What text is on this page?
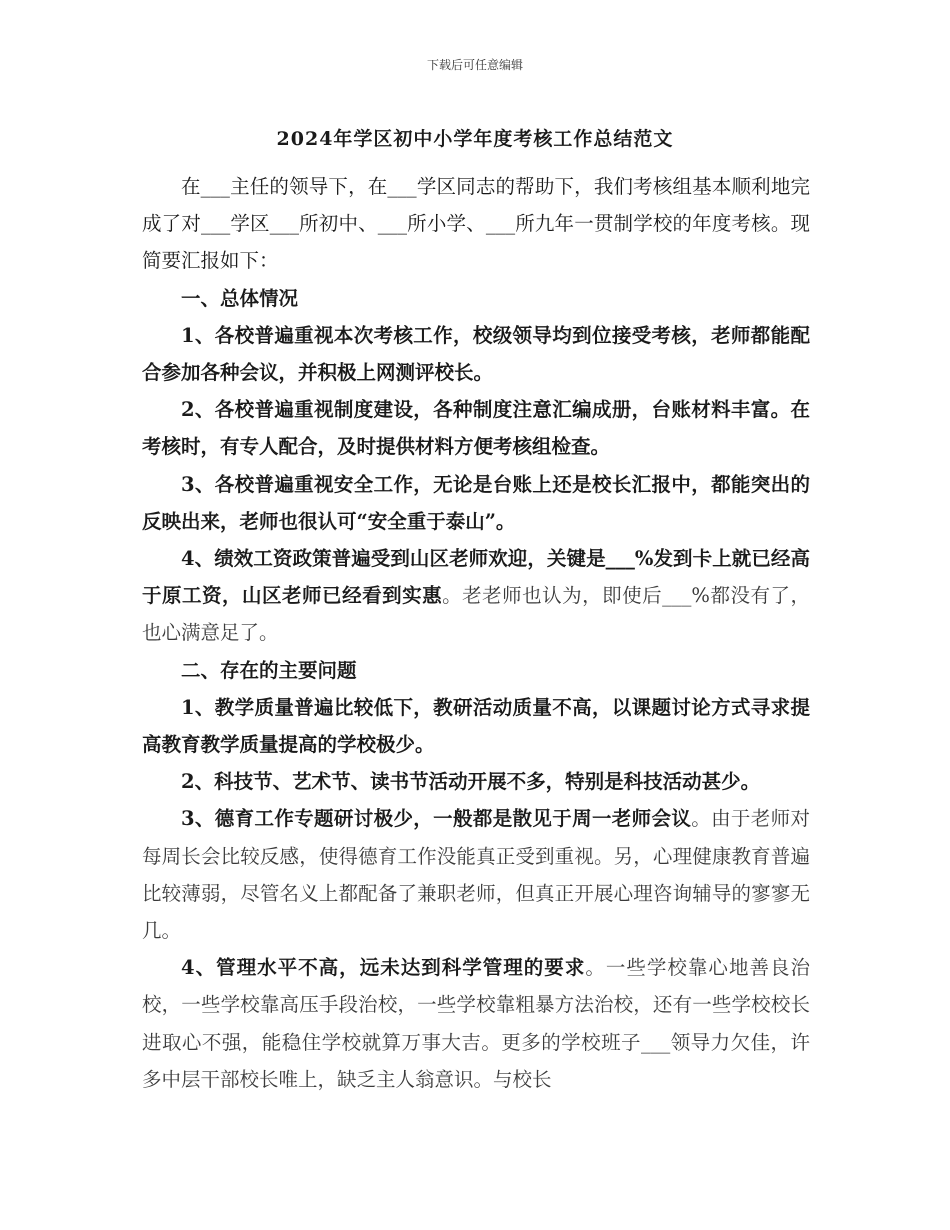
下载后可任意编辑
2024年学区初中小学年度考核工作总结范文

在___主任的领导下，在___学区同志的帮助下，我们考核组基本顺利地完成了对___学区___所初中、___所小学、___所九年一贯制学校的年度考核。现简要汇报如下：

一、总体情况

1、各校普遍重视本次考核工作，校级领导均到位接受考核，老师都能配合参加各种会议，并积极上网测评校长。

2、各校普遍重视制度建设，各种制度注意汇编成册，台账材料丰富。在考核时，有专人配合，及时提供材料方便考核组检查。

3、各校普遍重视安全工作，无论是台账上还是校长汇报中，都能突出的反映出来，老师也很认可“安全重于泰山”。

4、绩效工资政策普遍受到山区老师欢迎，关键是___%发到卡上就已经高于原工资，山区老师已经看到实惠。老老师也认为，即使后___%都没有了，也心满意足了。

二、存在的主要问题

1、教学质量普遍比较低下，教研活动质量不高，以课题讨论方式寻求提高教育教学质量提高的学校极少。

2、科技节、艺术节、读书节活动开展不多，特别是科技活动甚少。

3、德育工作专题研讨极少，一般都是散见于周一老师会议。由于老师对每周长会比较反感，使得德育工作没能真正受到重视。另，心理健康教育普遍比较薄弱，尽管名义上都配备了兼职老师，但真正开展心理咨询辅导的寥寥无几。

4、管理水平不高，远未达到科学管理的要求。一些学校靠心地善良治校，一些学校靠高压手段治校，一些学校靠粗暴方法治校，还有一些学校校长进取心不强，能稳住学校就算万事大吉。更多的学校班子___领导力欠佳，许多中层干部校长唯上，缺乏主人翁意识。与校长
